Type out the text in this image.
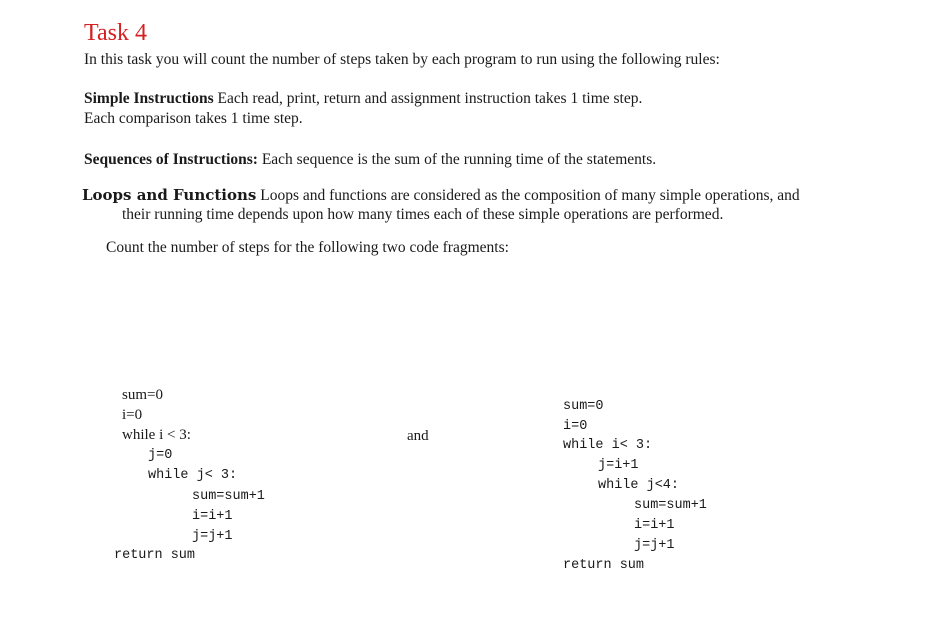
Task 4
In this task you will count the number of steps taken by each program to run using the following rules:
Simple Instructions Each read, print, return and assignment instruction takes 1 time step.
Each comparison takes 1 time step.
Sequences of Instructions: Each sequence is the sum of the running time of the statements.
Loops and Functions Loops and functions are considered as the composition of many simple operations, and
their running time depends upon how many times each of these simple operations are performed.
Count the number of steps for the following two code fragments:
sum=0
i=0
while i < 3:
j=0
while j< 3:
sum=sum+1
i=i+1
j=j+1
return sum
and
sum=0
i=0
while i< 3:
j=i+1
while j<4:
sum=sum+1
i=i+1
j=j+1
return sum
